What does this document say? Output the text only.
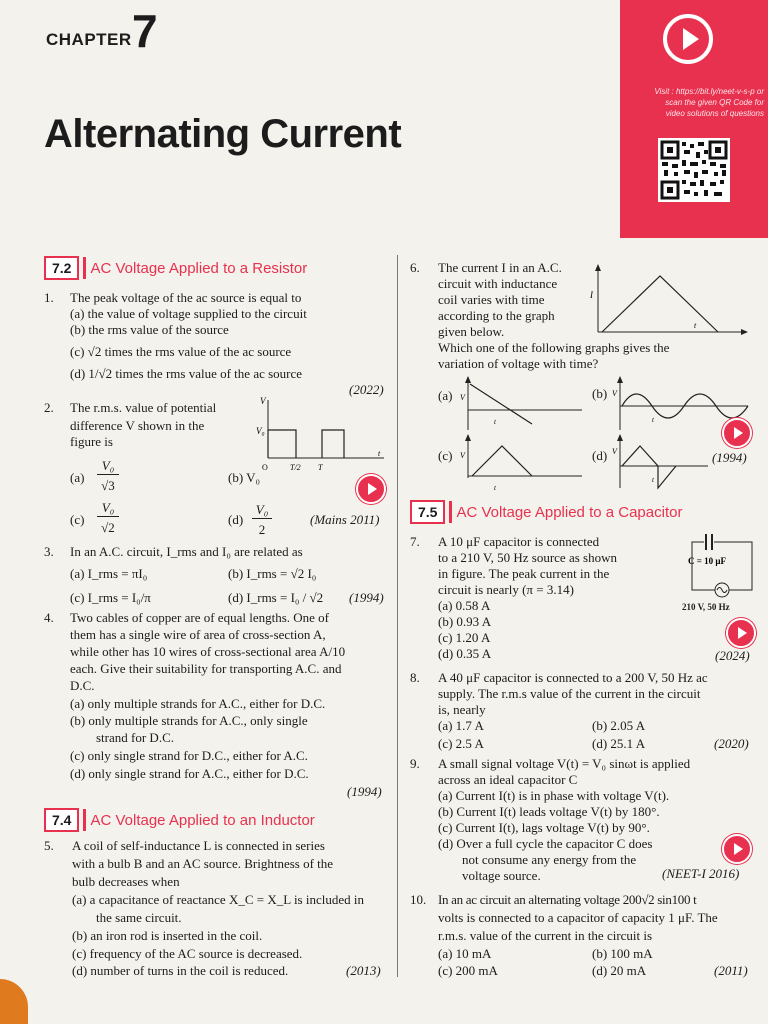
CHAPTER 7
Alternating Current
Visit : https://bit.ly/neet-v-s-p or
scan the given QR Code for
video solutions of questions
7.2	AC Voltage Applied to a Resistor
1. The peak voltage of the ac source is equal to
(a) the value of voltage supplied to the circuit
(b) the rms value of the source
(c) √2 times the rms value of the ac source
(d) 1/√2 times the rms value of the ac source
(2022)
2. The r.m.s. value of potential
difference V shown in the
figure is
V
V₀
O	T/2 T
t
(a)
V₀
√3
(b) V₀
(c)
V₀
√2
(d)
V₀
2
(Mains 2011)
3. In an A.C. circuit, I_rms and I₀ are related as
(a) I_rms = πI₀	(b) I_rms = √2 I₀
(c) I_rms = I₀/π	(d) I_rms = I₀ / √2 (1994)
4. Two cables of copper are of equal lengths. One of
them has a single wire of area of cross-section A,
while other has 10 wires of cross-sectional area A/10
each. Give their suitability for transporting A.C. and
D.C.
(a) only multiple strands for A.C., either for D.C.
(b) only multiple strands for A.C., only single
strand for D.C.
(c) only single strand for D.C., either for A.C.
(d) only single strand for A.C., either for D.C.
(1994)
7.4	AC Voltage Applied to an Inductor
5. A coil of self-inductance L is connected in series
with a bulb B and an AC source. Brightness of the
bulb decreases when
(a) a capacitance of reactance X_C = X_L is included in
the same circuit.
(b) an iron rod is inserted in the coil.
(c) frequency of the AC source is decreased.
(d) number of turns in the coil is reduced.	(2013)
6. The current I in an A.C.
circuit with inductance
coil varies with time
according to the graph
given below.
Which one of the following graphs gives the
variation of voltage with time?
I
t
(a) V
t
(b) V
t
(c) V
t
(d) V
t
(1994)
7.5	AC Voltage Applied to a Capacitor
7. A 10 μF capacitor is connected
to a 210 V, 50 Hz source as shown
in figure. The peak current in the
circuit is nearly (π = 3.14)
(a) 0.58 A
(b) 0.93 A
(c) 1.20 A
(d) 0.35 A
C = 10 μF
210 V, 50 Hz
(2024)
8. A 40 μF capacitor is connected to a 200 V, 50 Hz ac
supply. The r.m.s value of the current in the circuit
is, nearly
(a) 1.7 A	(b) 2.05 A
(c) 2.5 A	(d) 25.1 A	(2020)
9. A small signal voltage V(t) = V₀ sinωt is applied
across an ideal capacitor C
(a) Current I(t) is in phase with voltage V(t).
(b) Current I(t) leads voltage V(t) by 180°.
(c) Current I(t), lags voltage V(t) by 90°.
(d) Over a full cycle the capacitor C does
not consume any energy from the
voltage source.	(NEET-I 2016)
10. In an ac circuit an alternating voltage 200√2 sin100 t
volts is connected to a capacitor of capacity 1 μF. The
r.m.s. value of the current in the circuit is
(a) 10 mA	(b) 100 mA
(c) 200 mA	(d) 20 mA	(2011)
